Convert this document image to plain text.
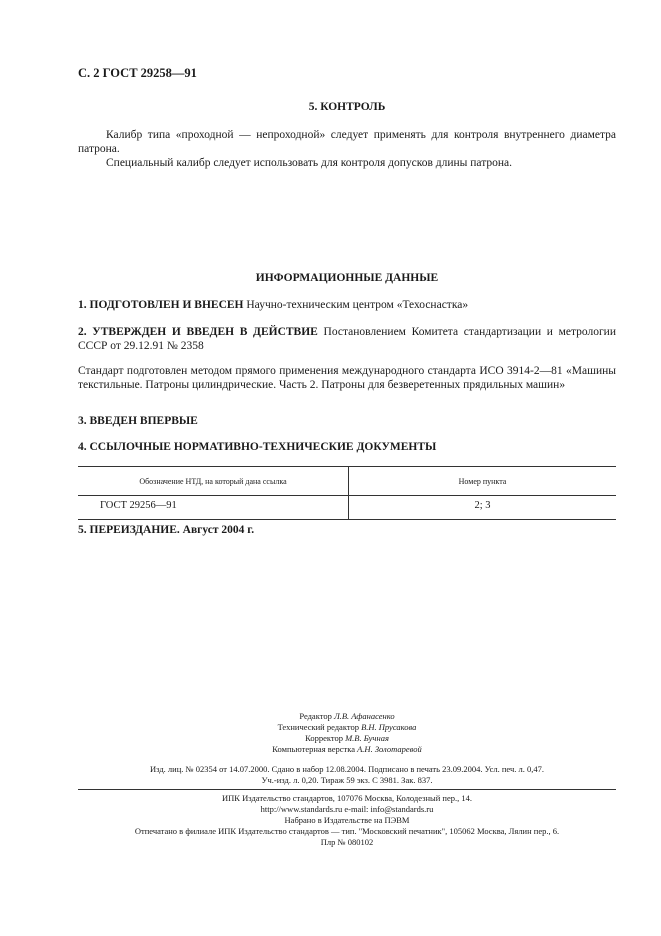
С. 2 ГОСТ 29258—91
5. КОНТРОЛЬ
Калибр типа «проходной — непроходной» следует применять для контроля внутреннего диаметра патрона.
Специальный калибр следует использовать для контроля допусков длины патрона.
ИНФОРМАЦИОННЫЕ ДАННЫЕ
1. ПОДГОТОВЛЕН И ВНЕСЕН Научно-техническим центром «Техоснастка»
2. УТВЕРЖДЕН И ВВЕДЕН В ДЕЙСТВИЕ Постановлением Комитета стандартизации и метрологии СССР от 29.12.91 № 2358
Стандарт подготовлен методом прямого применения международного стандарта ИСО 3914-2—81 «Машины текстильные. Патроны цилиндрические. Часть 2. Патроны для безверетенных прядильных машин»
3. ВВЕДЕН ВПЕРВЫЕ
4. ССЫЛОЧНЫЕ НОРМАТИВНО-ТЕХНИЧЕСКИЕ ДОКУМЕНТЫ
Обозначение НТД, на который дана ссылка	Номер пункта
ГОСТ 29256—91	2; 3
5. ПЕРЕИЗДАНИЕ. Август 2004 г.
Редактор Л.В. Афанасенко
Технический редактор В.Н. Прусакова
Корректор М.В. Бучная
Компьютерная верстка А.Н. Золотаревой
Изд. лиц. № 02354 от 14.07.2000. Сдано в набор 12.08.2004. Подписано в печать 23.09.2004. Усл. печ. л. 0,47.
Уч.-изд. л. 0,20. Тираж 59 экз. С 3981. Зак. 837.
ИПК Издательство стандартов, 107076 Москва, Колодезный пер., 14.
http://www.standards.ru e-mail: info@standards.ru
Набрано в Издательстве на ПЭВМ
Отпечатано в филиале ИПК Издательство стандартов — тип. "Московский печатник", 105062 Москва, Лялин пер., 6.
Плр № 080102
